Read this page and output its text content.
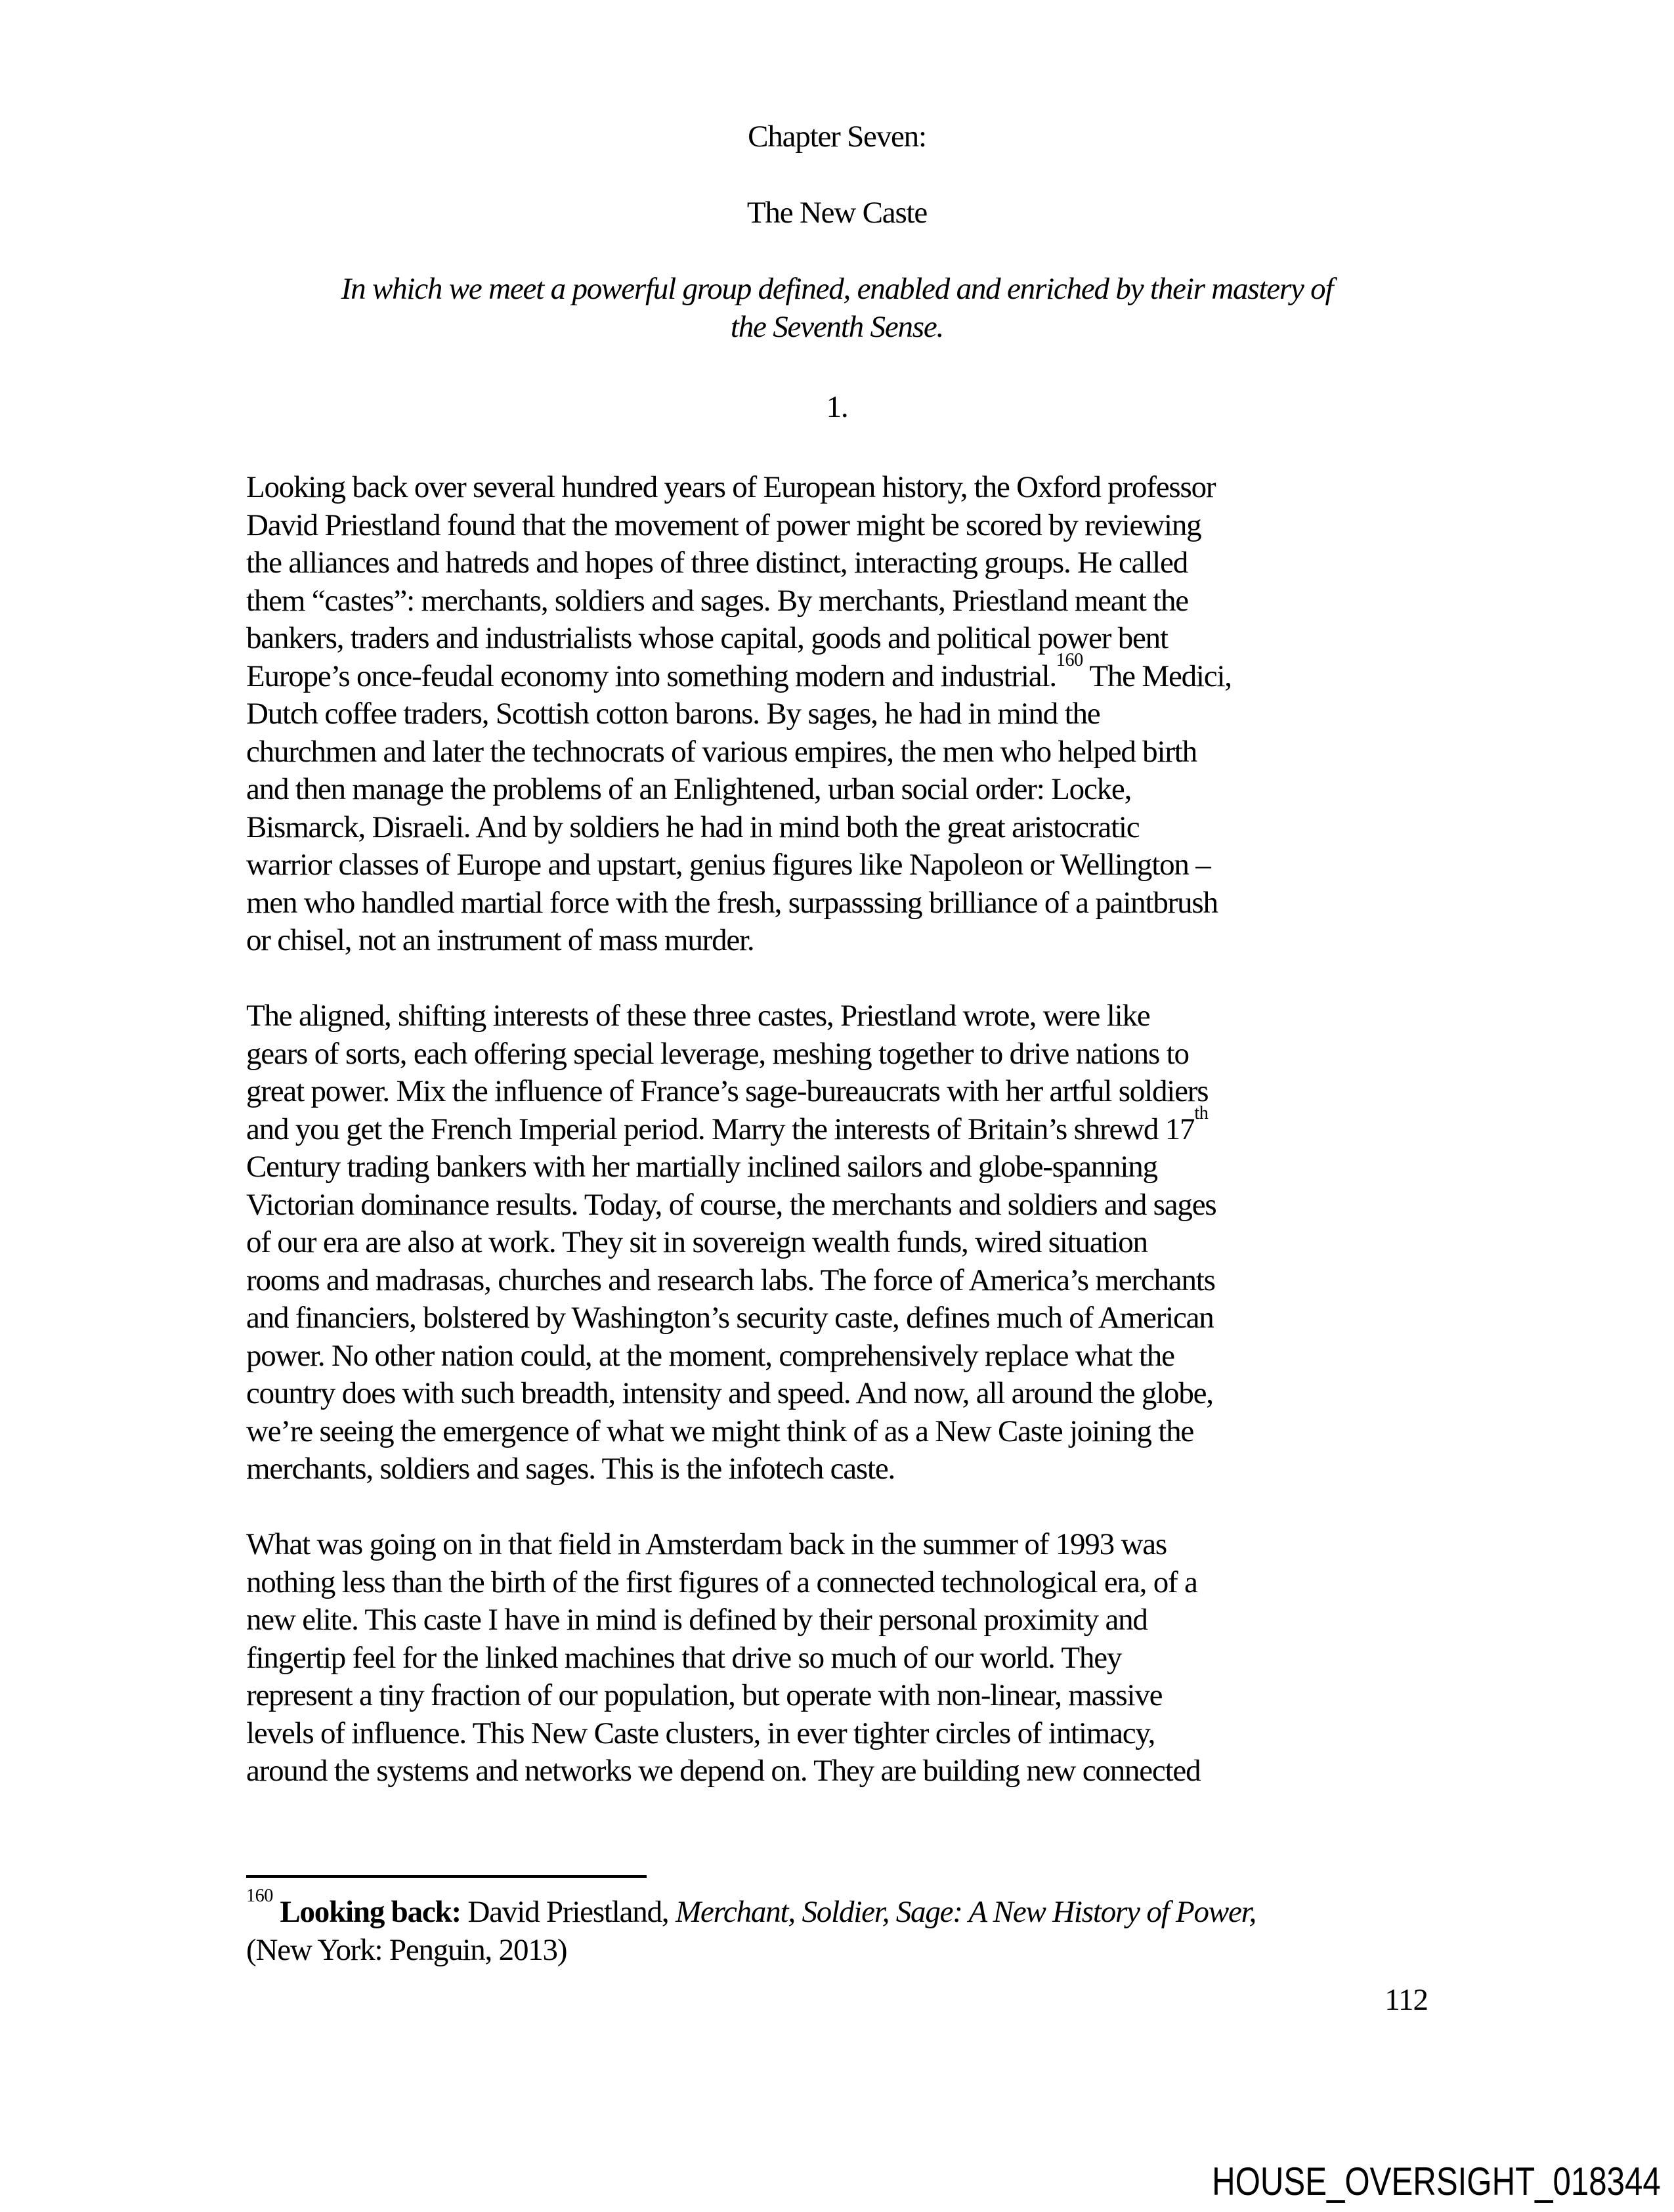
Chapter Seven:
The New Caste
In which we meet a powerful group defined, enabled and enriched by their mastery of
the Seventh Sense.
1.

Looking back over several hundred years of European history, the Oxford professor
David Priestland found that the movement of power might be scored by reviewing
the alliances and hatreds and hopes of three distinct, interacting groups. He called
them “castes”: merchants, soldiers and sages. By merchants, Priestland meant the
bankers, traders and industrialists whose capital, goods and political power bent
Europe’s once-feudal economy into something modern and industrial.$^{160}$ The Medici,
Dutch coffee traders, Scottish cotton barons. By sages, he had in mind the
churchmen and later the technocrats of various empires, the men who helped birth
and then manage the problems of an Enlightened, urban social order: Locke,
Bismarck, Disraeli. And by soldiers he had in mind both the great aristocratic
warrior classes of Europe and upstart, genius figures like Napoleon or Wellington –
men who handled martial force with the fresh, surpasssing brilliance of a paintbrush
or chisel, not an instrument of mass murder.

The aligned, shifting interests of these three castes, Priestland wrote, were like
gears of sorts, each offering special leverage, meshing together to drive nations to
great power. Mix the influence of France’s sage-bureaucrats with her artful soldiers
and you get the French Imperial period. Marry the interests of Britain’s shrewd 17th
Century trading bankers with her martially inclined sailors and globe-spanning
Victorian dominance results. Today, of course, the merchants and soldiers and sages
of our era are also at work. They sit in sovereign wealth funds, wired situation
rooms and madrasas, churches and research labs. The force of America’s merchants
and financiers, bolstered by Washington’s security caste, defines much of American
power. No other nation could, at the moment, comprehensively replace what the
country does with such breadth, intensity and speed. And now, all around the globe,
we’re seeing the emergence of what we might think of as a New Caste joining the
merchants, soldiers and sages. This is the infotech caste.

What was going on in that field in Amsterdam back in the summer of 1993 was
nothing less than the birth of the first figures of a connected technological era, of a
new elite. This caste I have in mind is defined by their personal proximity and
fingertip feel for the linked machines that drive so much of our world. They
represent a tiny fraction of our population, but operate with non-linear, massive
levels of influence. This New Caste clusters, in ever tighter circles of intimacy,
around the systems and networks we depend on. They are building new connected

$^{160}$ Looking back: David Priestland, Merchant, Soldier, Sage: A New History of Power,
(New York: Penguin, 2013)

112
HOUSE_OVERSIGHT_018344
